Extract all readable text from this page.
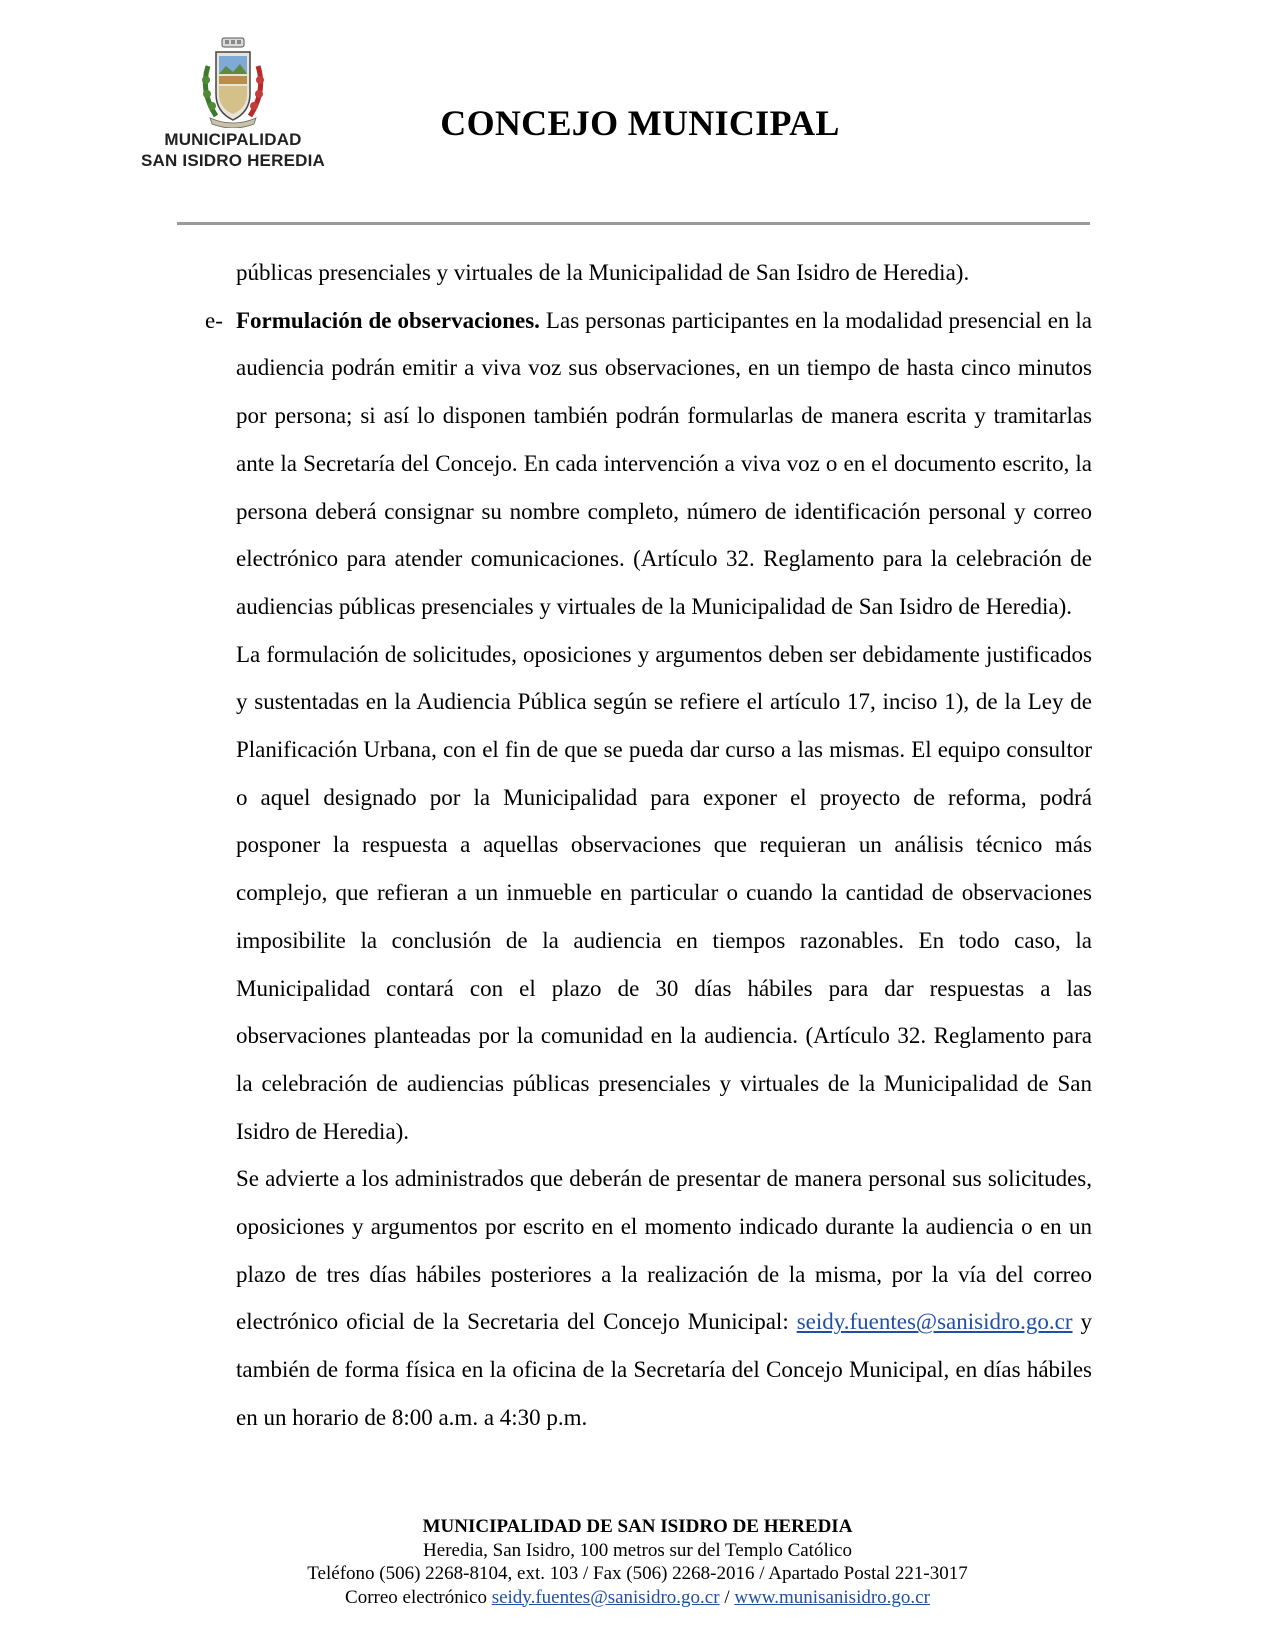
MUNICIPALIDAD
SAN ISIDRO HEREDIA
CONCEJO MUNICIPAL

públicas presenciales y virtuales de la Municipalidad de San Isidro de Heredia).

e- Formulación de observaciones. Las personas participantes en la modalidad presencial en la audiencia podrán emitir a viva voz sus observaciones, en un tiempo de hasta cinco minutos por persona; si así lo disponen también podrán formularlas de manera escrita y tramitarlas ante la Secretaría del Concejo. En cada intervención a viva voz o en el documento escrito, la persona deberá consignar su nombre completo, número de identificación personal y correo electrónico para atender comunicaciones. (Artículo 32. Reglamento para la celebración de audiencias públicas presenciales y virtuales de la Municipalidad de San Isidro de Heredia).

La formulación de solicitudes, oposiciones y argumentos deben ser debidamente justificados y sustentadas en la Audiencia Pública según se refiere el artículo 17, inciso 1), de la Ley de Planificación Urbana, con el fin de que se pueda dar curso a las mismas. El equipo consultor o aquel designado por la Municipalidad para exponer el proyecto de reforma, podrá posponer la respuesta a aquellas observaciones que requieran un análisis técnico más complejo, que refieran a un inmueble en particular o cuando la cantidad de observaciones imposibilite la conclusión de la audiencia en tiempos razonables. En todo caso, la Municipalidad contará con el plazo de 30 días hábiles para dar respuestas a las observaciones planteadas por la comunidad en la audiencia. (Artículo 32. Reglamento para la celebración de audiencias públicas presenciales y virtuales de la Municipalidad de San Isidro de Heredia).

Se advierte a los administrados que deberán de presentar de manera personal sus solicitudes, oposiciones y argumentos por escrito en el momento indicado durante la audiencia o en un plazo de tres días hábiles posteriores a la realización de la misma, por la vía del correo electrónico oficial de la Secretaria del Concejo Municipal: seidy.fuentes@sanisidro.go.cr y también de forma física en la oficina de la Secretaría del Concejo Municipal, en días hábiles en un horario de 8:00 a.m. a 4:30 p.m.

MUNICIPALIDAD DE SAN ISIDRO DE HEREDIA
Heredia, San Isidro, 100 metros sur del Templo Católico
Teléfono (506) 2268-8104, ext. 103 / Fax (506) 2268-2016 / Apartado Postal 221-3017
Correo electrónico seidy.fuentes@sanisidro.go.cr / www.munisanisidro.go.cr
